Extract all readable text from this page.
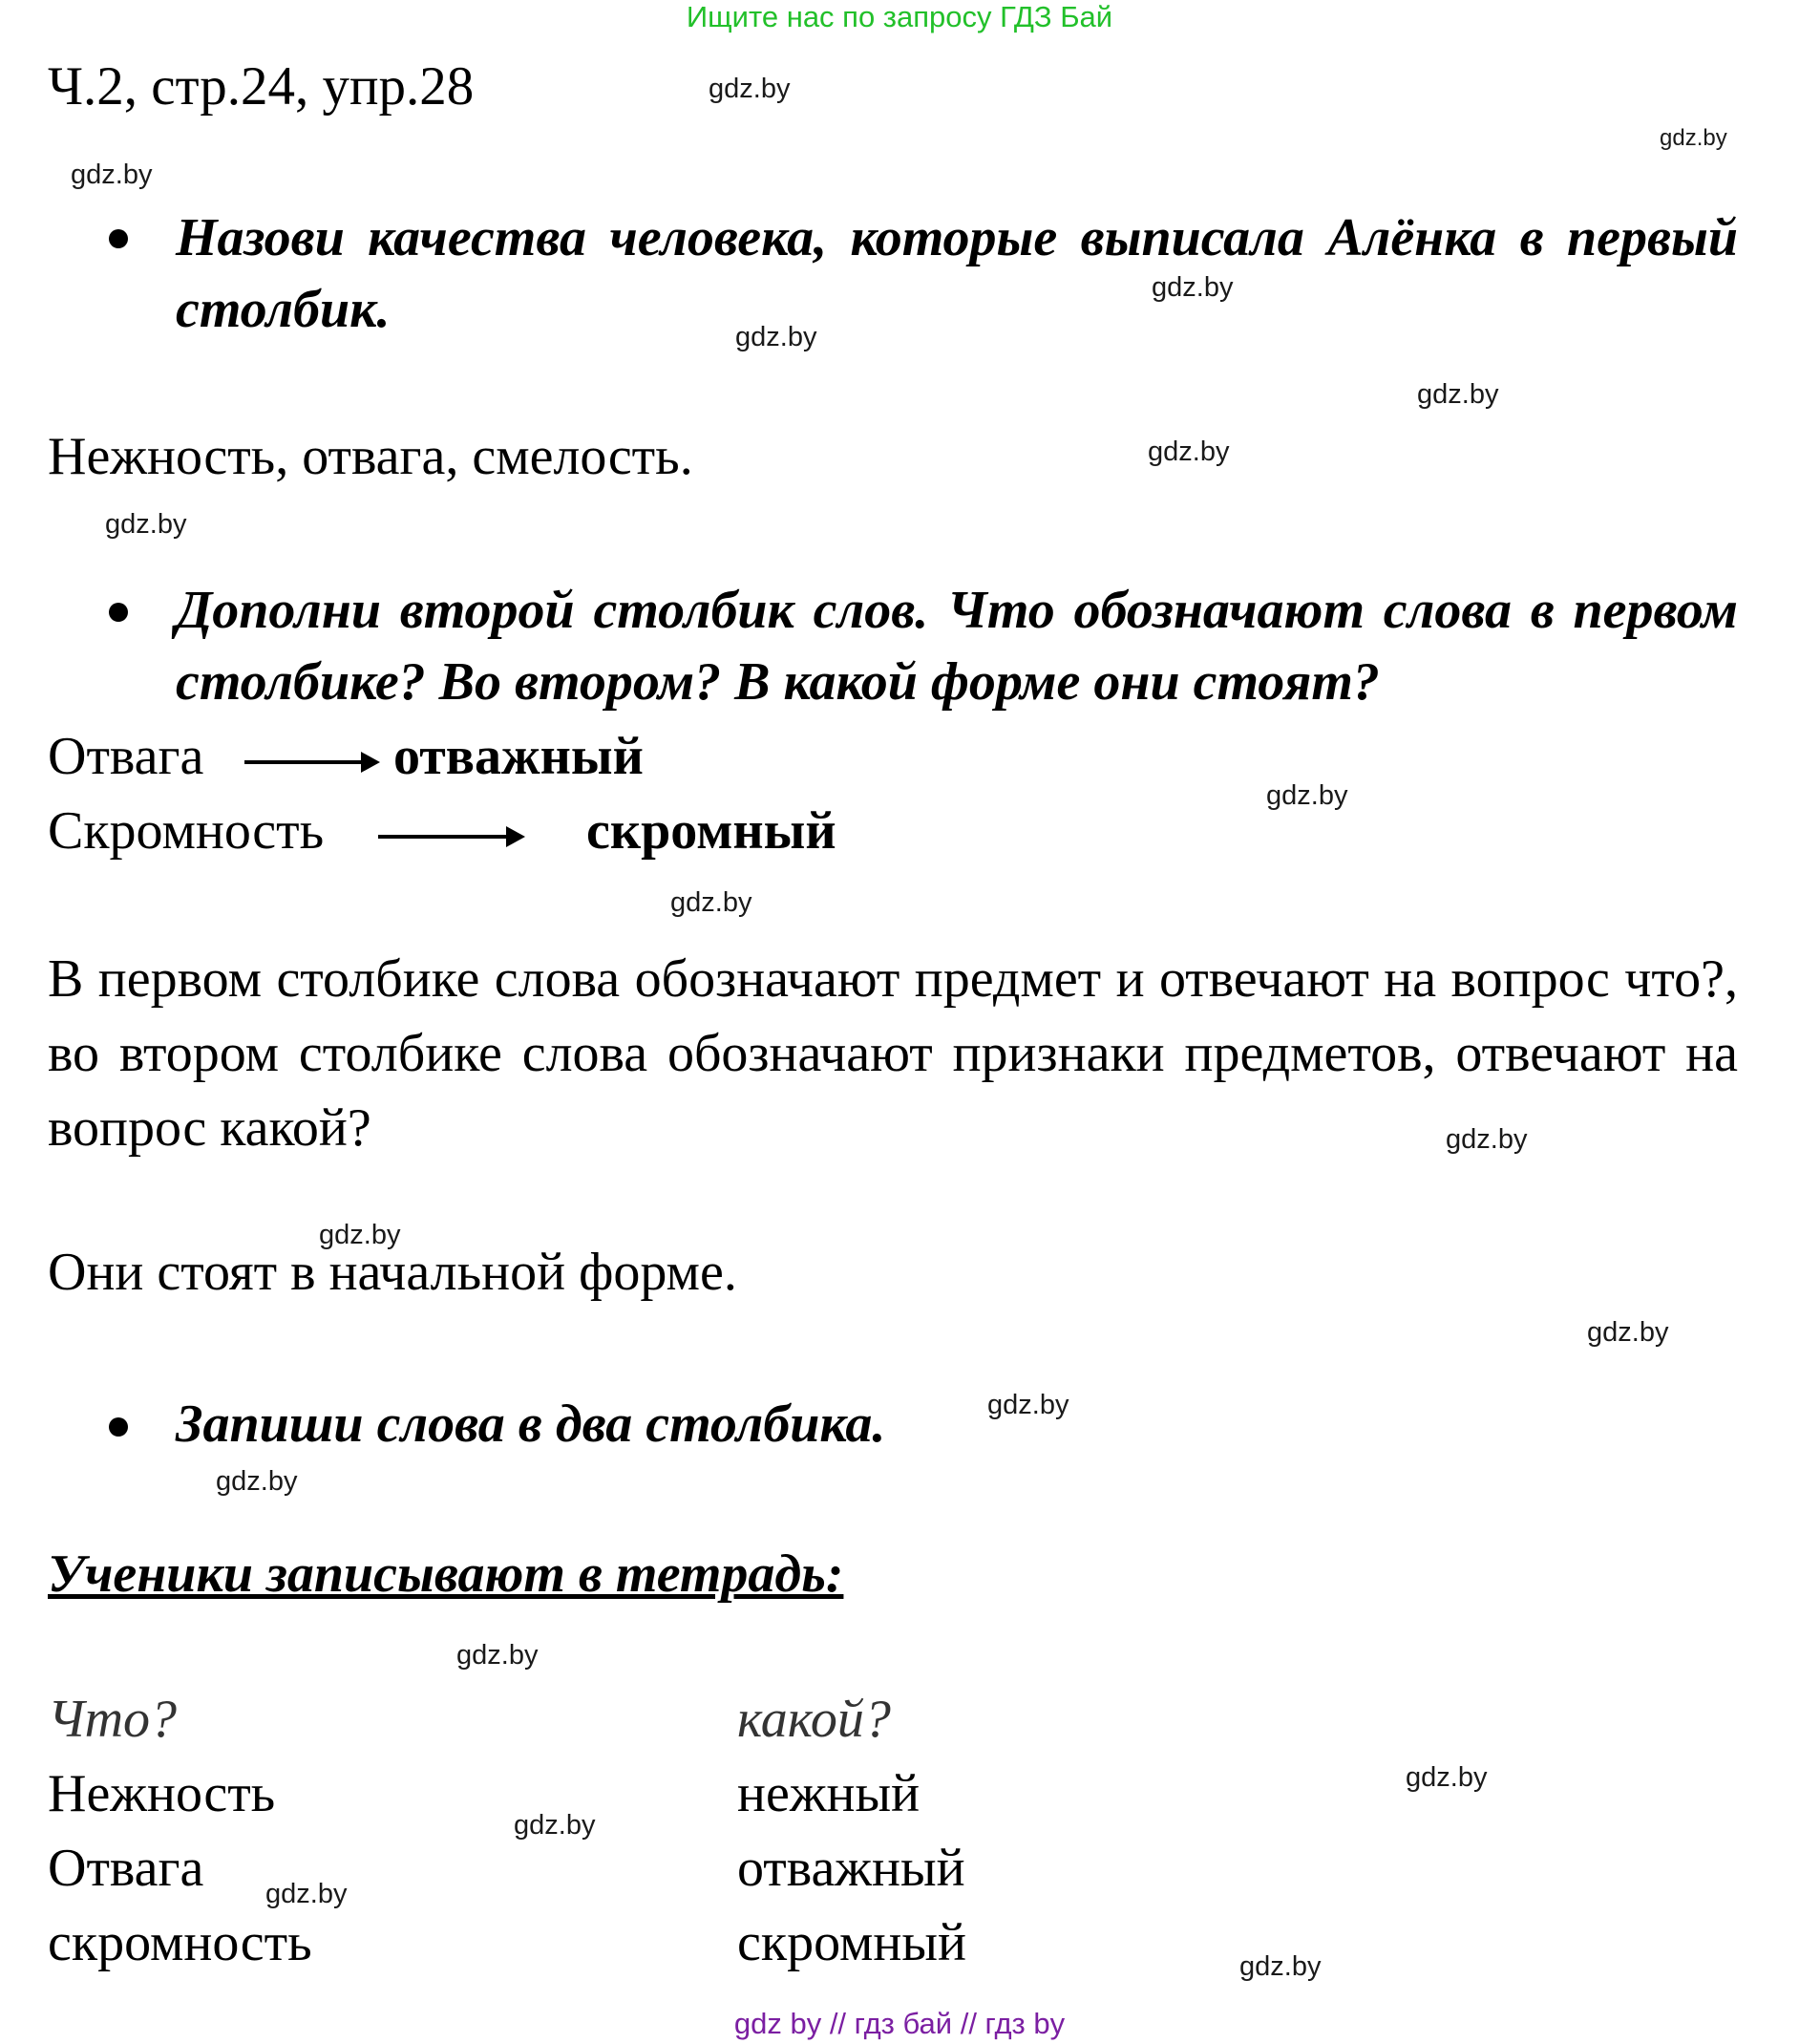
Ищите нас по запросу ГДЗ Бай
Ч.2, стр.24, упр.28	gdz.by
gdz.by
gdz.by
gdz.by
gdz.by
gdz.by
gdz.by
gdz.by
gdz.by
gdz.by
gdz.by
gdz.by
gdz.by
gdz.by
gdz.by
gdz.by
gdz.by
gdz.by
gdz.by
gdz.by
Назови качества человека, которые выписала Алёнка в первый столбик.
Нежность, отвага, смелость.
Дополни второй столбик слов. Что обозначают слова в первом столбике? Во втором? В какой форме они стоят?
Отвага	отважный
Скромность	скромный
В первом столбике слова обозначают предмет и отвечают на вопрос что?, во втором столбике слова обозначают признаки предметов, отвечают на вопрос какой?
Они стоят в начальной форме.
Запиши слова в два столбика.
Ученики записывают в тетрадь:
Что?	какой?
Нежность	нежный
Отвага	отважный
скромность	скромный
gdz by // гдз бай // гдз by
